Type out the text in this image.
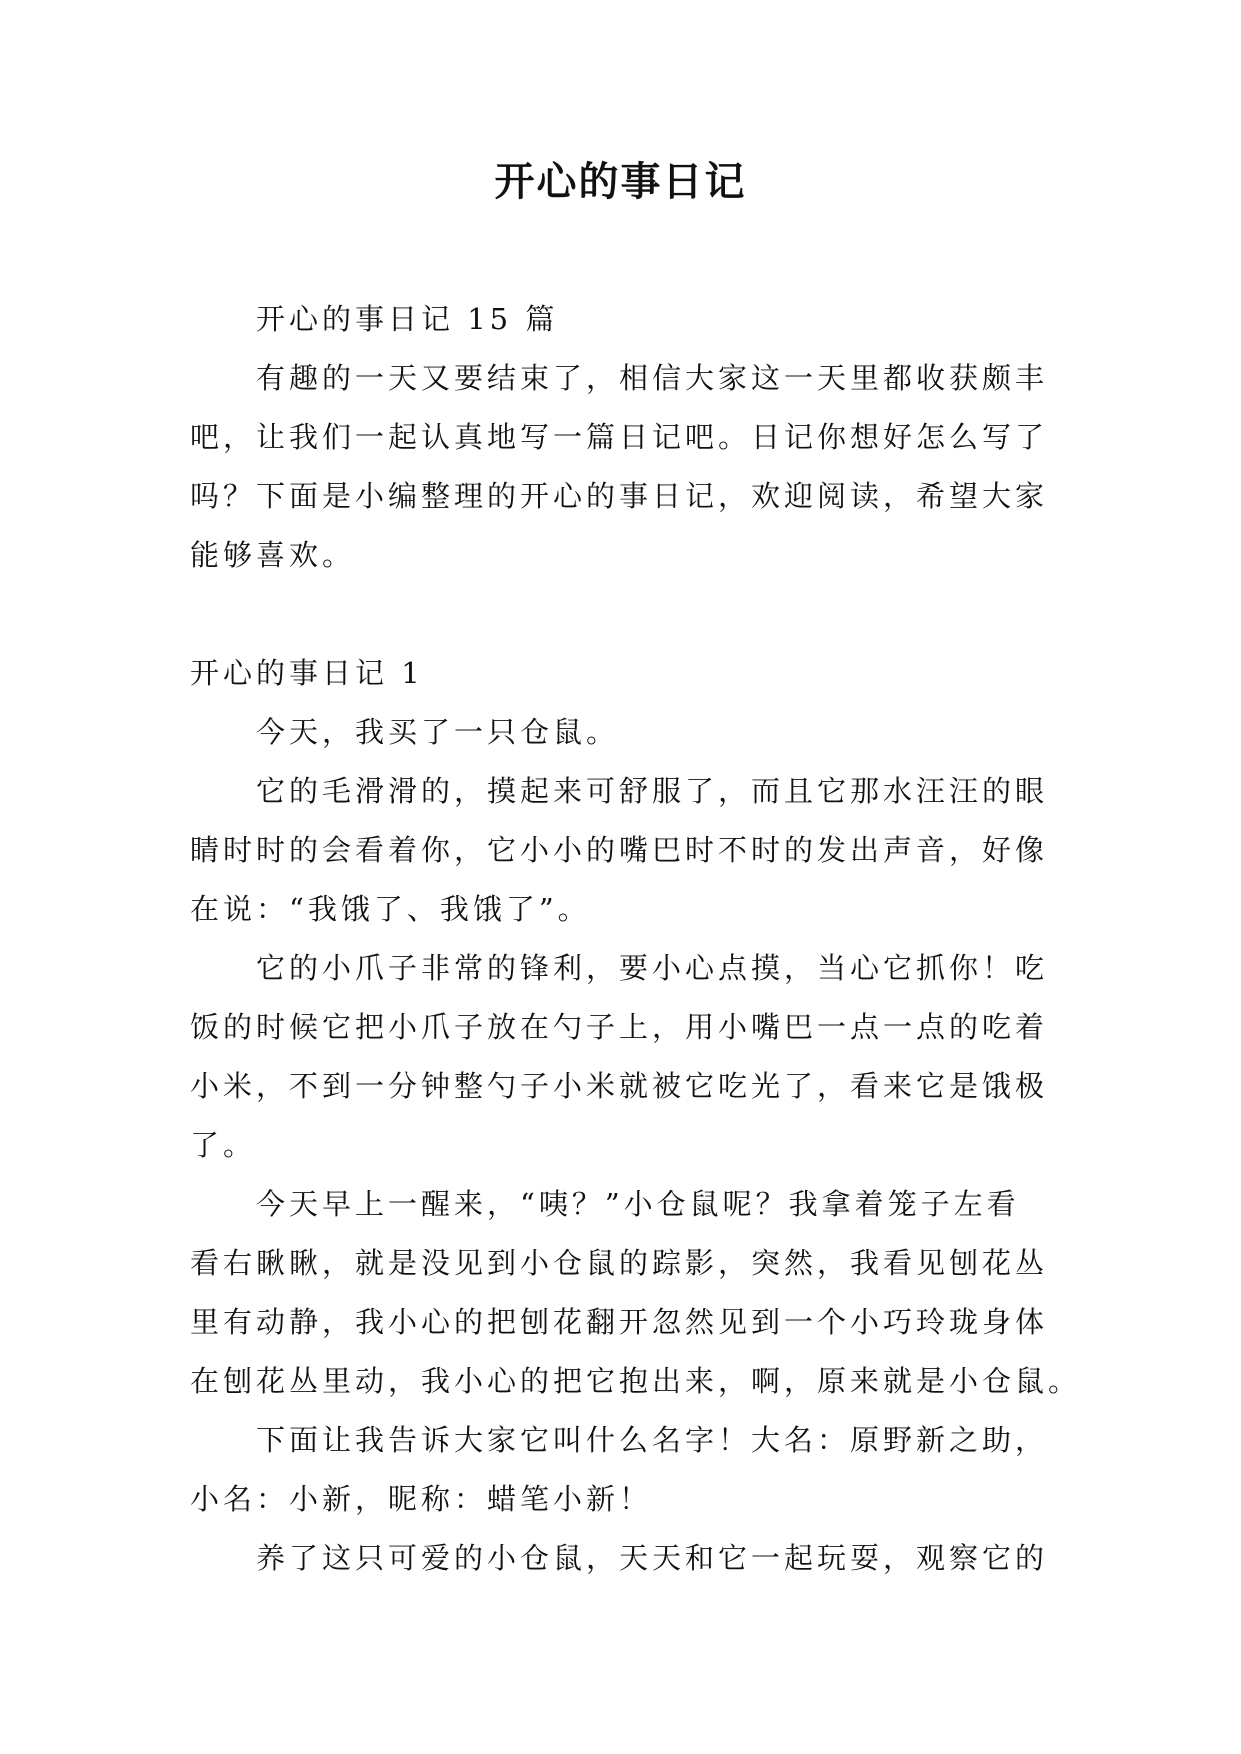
开心的事日记
开心的事日记 15 篇
有趣的一天又要结束了，相信大家这一天里都收获颇丰
吧，让我们一起认真地写一篇日记吧。日记你想好怎么写了
吗？下面是小编整理的开心的事日记，欢迎阅读，希望大家
能够喜欢。
开心的事日记 1
今天，我买了一只仓鼠。
它的毛滑滑的，摸起来可舒服了，而且它那水汪汪的眼
睛时时的会看着你，它小小的嘴巴时不时的发出声音，好像
在说：“我饿了、我饿了”。
它的小爪子非常的锋利，要小心点摸，当心它抓你！吃
饭的时候它把小爪子放在勺子上，用小嘴巴一点一点的吃着
小米，不到一分钟整勺子小米就被它吃光了，看来它是饿极
了。
今天早上一醒来，“咦？”小仓鼠呢？我拿着笼子左看
看右瞅瞅，就是没见到小仓鼠的踪影，突然，我看见刨花丛
里有动静，我小心的把刨花翻开忽然见到一个小巧玲珑身体
在刨花丛里动，我小心的把它抱出来，啊，原来就是小仓鼠。
下面让我告诉大家它叫什么名字！大名：原野新之助，
小名：小新，昵称：蜡笔小新！
养了这只可爱的小仓鼠，天天和它一起玩耍，观察它的
